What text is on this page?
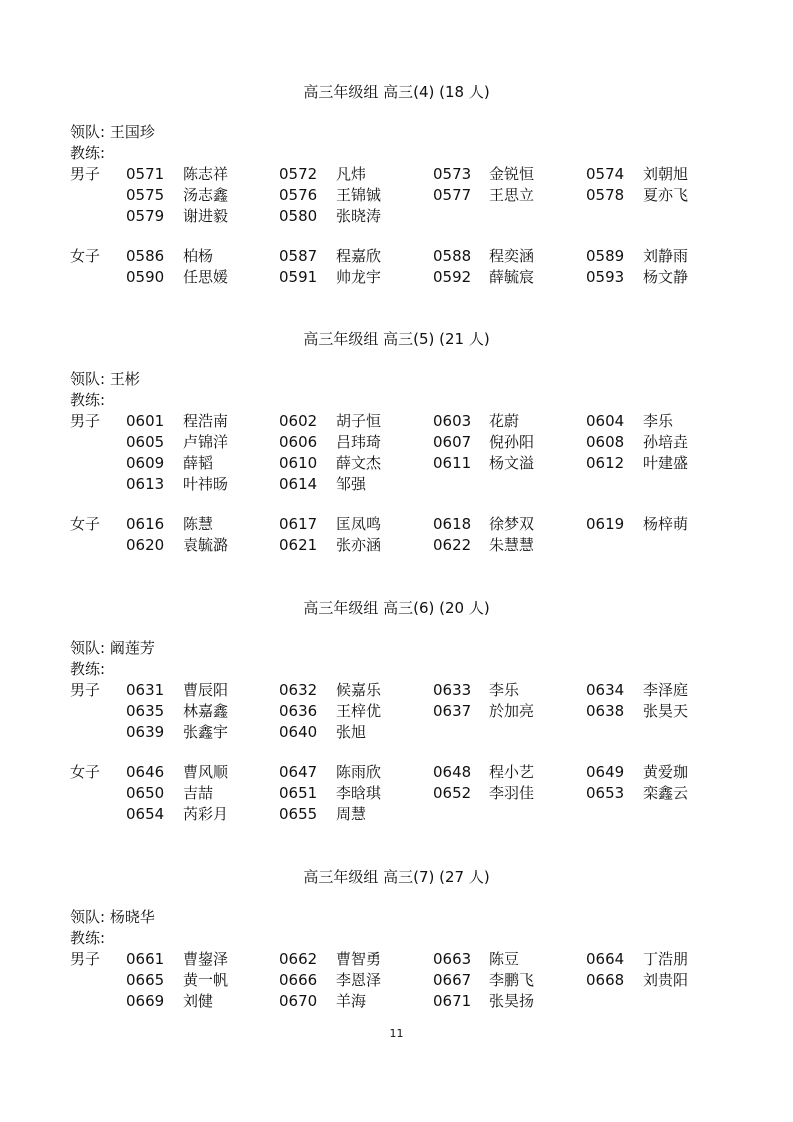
高三年级组 高三(4) (18 人)
领队: 王国珍
教练:
男子 0571 陈志祥	0572 凡炜	0573 金锐恒	0574 刘朝旭
0575 汤志鑫	0576 王锦铖	0577 王思立	0578 夏亦飞
0579 谢进毅	0580 张晓涛
女子 0586 柏杨	0587 程嘉欣	0588 程奕涵	0589 刘静雨
0590 任思媛	0591 帅龙宇	0592 薛毓宸	0593 杨文静
高三年级组 高三(5) (21 人)
领队: 王彬
教练:
男子 0601 程浩南	0602 胡子恒	0603 花蔚	0604 李乐
0605 卢锦洋	0606 吕玮琦	0607 倪孙阳	0608 孙培垚
0609 薛韬	0610 薛文杰	0611 杨文溢	0612 叶建盛
0613 叶祎旸	0614 邹强
女子 0616 陈慧	0617 匡凤鸣	0618 徐梦双	0619 杨梓萌
0620 袁毓潞	0621 张亦涵	0622 朱慧慧
高三年级组 高三(6) (20 人)
领队: 阚莲芳
教练:
男子 0631 曹辰阳	0632 候嘉乐	0633 李乐	0634 李泽庭
0635 林嘉鑫	0636 王梓优	0637 於加亮	0638 张昊天
0639 张鑫宇	0640 张旭
女子 0646 曹风顺	0647 陈雨欣	0648 程小艺	0649 黄爱珈
0650 吉喆	0651 李晗琪	0652 李羽佳	0653 栾鑫云
0654 芮彩月	0655 周慧
高三年级组 高三(7) (27 人)
领队: 杨晓华
教练:
男子 0661 曹鋆泽	0662 曹智勇	0663 陈豆	0664 丁浩朋
0665 黄一帆	0666 李恩泽	0667 李鹏飞	0668 刘贵阳
0669 刘健	0670 羊海	0671 张昊扬
11
